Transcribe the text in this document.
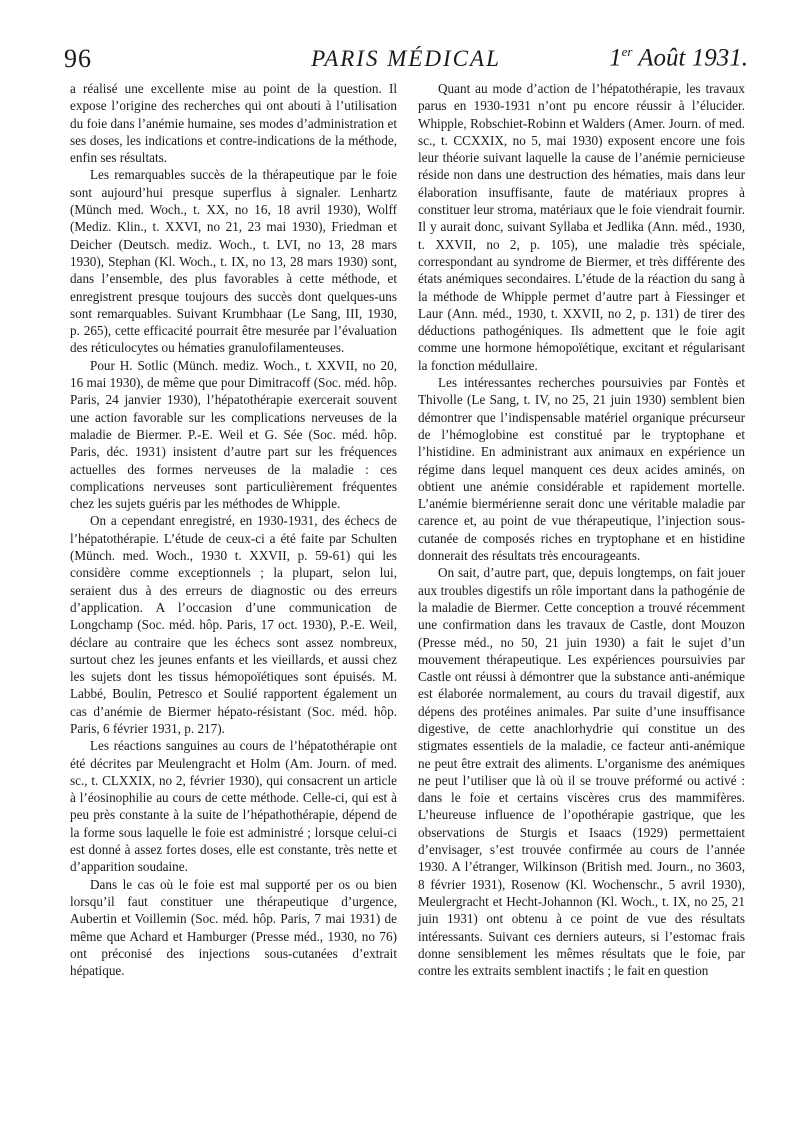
96	PARIS MÉDICAL	1er Août 1931.

a réalisé une excellente mise au point de la question. Il expose l’origine des recherches qui ont abouti à l’utilisation du foie dans l’anémie humaine, ses modes d’administration et ses doses, les indications et contre-indications de la méthode, enfin ses résultats.

Les remarquables succès de la thérapeutique par le foie sont aujourd’hui presque superflus à signaler. Lenhartz (Münch med. Woch., t. XX, no 16, 18 avril 1930), Wolff (Mediz. Klin., t. XXVI, no 21, 23 mai 1930), Friedman et Deicher (Deutsch. mediz. Woch., t. LVI, no 13, 28 mars 1930), Stephan (Kl. Woch., t. IX, no 13, 28 mars 1930) sont, dans l’ensemble, des plus favorables à cette méthode, et enregistrent presque toujours des succès dont quelques-uns sont remarquables. Suivant Krumbhaar (Le Sang, III, 1930, p. 265), cette efficacité pourrait être mesurée par l’évaluation des réticulocytes ou hématies granulofilamenteuses.

Pour H. Sotlic (Münch. mediz. Woch., t. XXVII, no 20, 16 mai 1930), de même que pour Dimitracoff (Soc. méd. hôp. Paris, 24 janvier 1930), l’hépatothérapie exercerait souvent une action favorable sur les complications nerveuses de la maladie de Biermer. P.-E. Weil et G. Sée (Soc. méd. hôp. Paris, déc. 1931) insistent d’autre part sur les fréquences actuelles des formes nerveuses de la maladie : ces complications nerveuses sont particulièrement fréquentes chez les sujets guéris par les méthodes de Whipple.

On a cependant enregistré, en 1930-1931, des échecs de l’hépatothérapie. L’étude de ceux-ci a été faite par Schulten (Münch. med. Woch., 1930 t. XXVII, p. 59-61) qui les considère comme exceptionnels ; la plupart, selon lui, seraient dus à des erreurs de diagnostic ou des erreurs d’application. A l’occasion d’une communication de Longchamp (Soc. méd. hôp. Paris, 17 oct. 1930), P.-E. Weil, déclare au contraire que les échecs sont assez nombreux, surtout chez les jeunes enfants et les vieillards, et aussi chez les sujets dont les tissus hémopoïétiques sont épuisés. M. Labbé, Boulin, Petresco et Soulié rapportent également un cas d’anémie de Biermer hépato-résistant (Soc. méd. hôp. Paris, 6 février 1931, p. 217).

Les réactions sanguines au cours de l’hépatothérapie ont été décrites par Meulengracht et Holm (Am. Journ. of med. sc., t. CLXXIX, no 2, février 1930), qui consacrent un article à l’éosinophilie au cours de cette méthode. Celle-ci, qui est à peu près constante à la suite de l’hépathothérapie, dépend de la forme sous laquelle le foie est administré ; lorsque celui-ci est donné à assez fortes doses, elle est constante, très nette et d’apparition soudaine.

Dans le cas où le foie est mal supporté per os ou bien lorsqu’il faut constituer une thérapeutique d’urgence, Aubertin et Voillemin (Soc. méd. hôp. Paris, 7 mai 1931) de même que Achard et Hamburger (Presse méd., 1930, no 76) ont préconisé des injections sous-cutanées d’extrait hépatique.

Quant au mode d’action de l’hépatothérapie, les travaux parus en 1930-1931 n’ont pu encore réussir à l’élucider. Whipple, Robschiet-Robinn et Walders (Amer. Journ. of med. sc., t. CCXXIX, no 5, mai 1930) exposent encore une fois leur théorie suivant laquelle la cause de l’anémie pernicieuse réside non dans une destruction des hématies, mais dans leur élaboration insuffisante, faute de matériaux propres à constituer leur stroma, matériaux que le foie viendrait fournir. Il y aurait donc, suivant Syllaba et Jedlika (Ann. méd., 1930, t. XXVII, no 2, p. 105), une maladie très spéciale, correspondant au syndrome de Biermer, et très différente des états anémiques secondaires. L’étude de la réaction du sang à la méthode de Whipple permet d’autre part à Fiessinger et Laur (Ann. méd., 1930, t. XXVII, no 2, p. 131) de tirer des déductions pathogéniques. Ils admettent que le foie agit comme une hormone hémopoïétique, excitant et régularisant la fonction médullaire.

Les intéressantes recherches poursuivies par Fontès et Thivolle (Le Sang, t. IV, no 25, 21 juin 1930) semblent bien démontrer que l’indispensable matériel organique précurseur de l’hémoglobine est constitué par le tryptophane et l’histidine. En administrant aux animaux en expérience un régime dans lequel manquent ces deux acides aminés, on obtient une anémie considérable et rapidement mortelle. L’anémie biermérienne serait donc une véritable maladie par carence et, au point de vue thérapeutique, l’injection sous-cutanée de composés riches en tryptophane et en histidine donnerait des résultats très encourageants.

On sait, d’autre part, que, depuis longtemps, on fait jouer aux troubles digestifs un rôle important dans la pathogénie de la maladie de Biermer. Cette conception a trouvé récemment une confirmation dans les travaux de Castle, dont Mouzon (Presse méd., no 50, 21 juin 1930) a fait le sujet d’un mouvement thérapeutique. Les expériences poursuivies par Castle ont réussi à démontrer que la substance anti-anémique est élaborée normalement, au cours du travail digestif, aux dépens des protéines animales. Par suite d’une insuffisance digestive, de cette anachlorhydrie qui constitue un des stigmates essentiels de la maladie, ce facteur anti-anémique ne peut être extrait des aliments. L’organisme des anémiques ne peut l’utiliser que là où il se trouve préformé ou activé : dans le foie et certains viscères crus des mammifères. L’heureuse influence de l’opothérapie gastrique, que les observations de Sturgis et Isaacs (1929) permettaient d’envisager, s’est trouvée confirmée au cours de l’année 1930. A l’étranger, Wilkinson (British med. Journ., no 3603, 8 février 1931), Rosenow (Kl. Wochenschr., 5 avril 1930), Meulergracht et Hecht-Johannon (Kl. Woch., t. IX, no 25, 21 juin 1931) ont obtenu à ce point de vue des résultats intéressants. Suivant ces derniers auteurs, si l’estomac frais donne sensiblement les mêmes résultats que le foie, par contre les extraits semblent inactifs ; le fait en question
